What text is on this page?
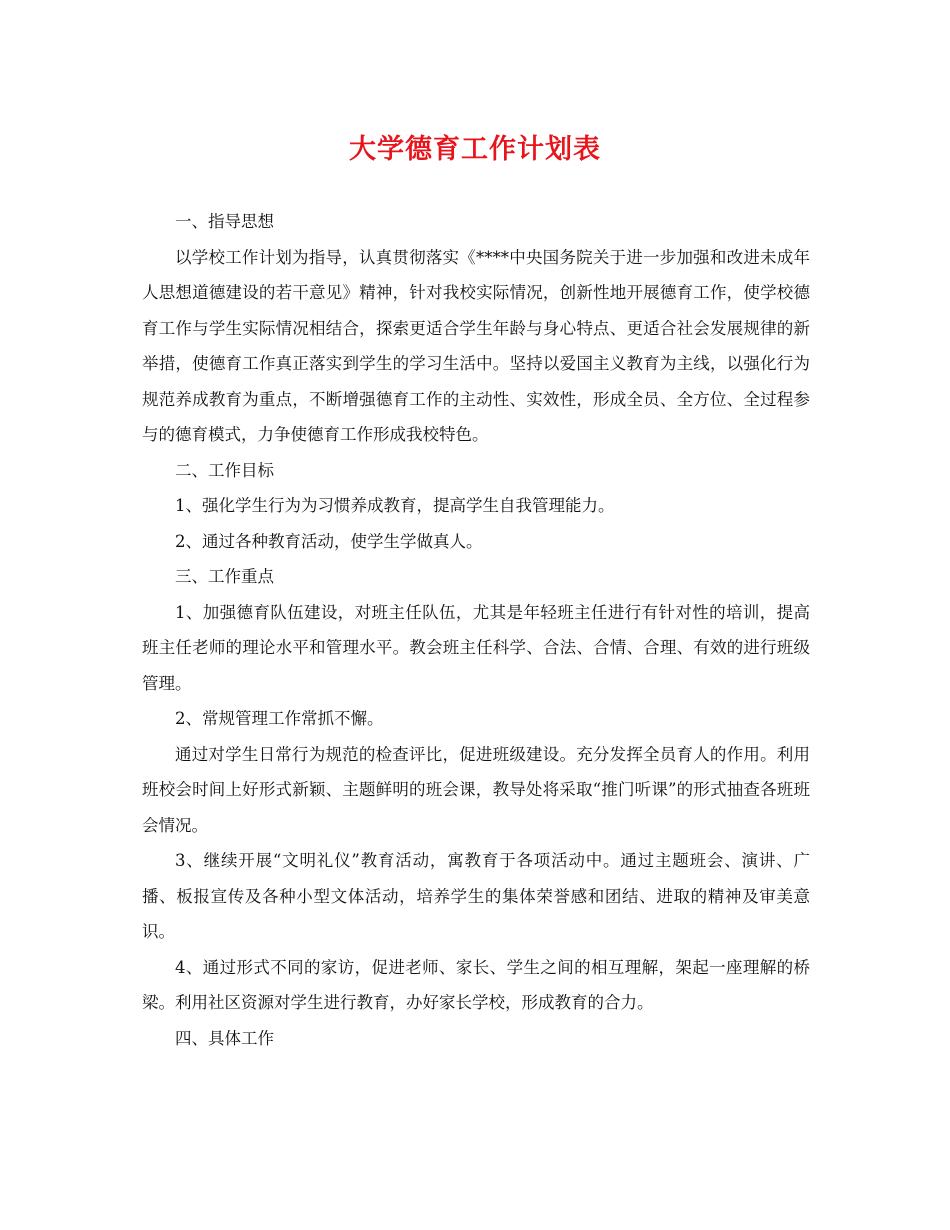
大学德育工作计划表

一、指导思想

以学校工作计划为指导，认真贯彻落实《****中央国务院关于进一步加强和改进未成年人思想道德建设的若干意见》精神，针对我校实际情况，创新性地开展德育工作，使学校德育工作与学生实际情况相结合，探索更适合学生年龄与身心特点、更适合社会发展规律的新举措，使德育工作真正落实到学生的学习生活中。坚持以爱国主义教育为主线，以强化行为规范养成教育为重点，不断增强德育工作的主动性、实效性，形成全员、全方位、全过程参与的德育模式，力争使德育工作形成我校特色。

二、工作目标

1、强化学生行为为习惯养成教育，提高学生自我管理能力。

2、通过各种教育活动，使学生学做真人。

三、工作重点

1、加强德育队伍建设，对班主任队伍，尤其是年轻班主任进行有针对性的培训，提高班主任老师的理论水平和管理水平。教会班主任科学、合法、合情、合理、有效的进行班级管理。

2、常规管理工作常抓不懈。

通过对学生日常行为规范的检查评比，促进班级建设。充分发挥全员育人的作用。利用班校会时间上好形式新颖、主题鲜明的班会课，教导处将采取“推门听课”的形式抽查各班班会情况。

3、继续开展“文明礼仪”教育活动，寓教育于各项活动中。通过主题班会、演讲、广播、板报宣传及各种小型文体活动，培养学生的集体荣誉感和团结、进取的精神及审美意识。

4、通过形式不同的家访，促进老师、家长、学生之间的相互理解，架起一座理解的桥梁。利用社区资源对学生进行教育，办好家长学校，形成教育的合力。

四、具体工作
